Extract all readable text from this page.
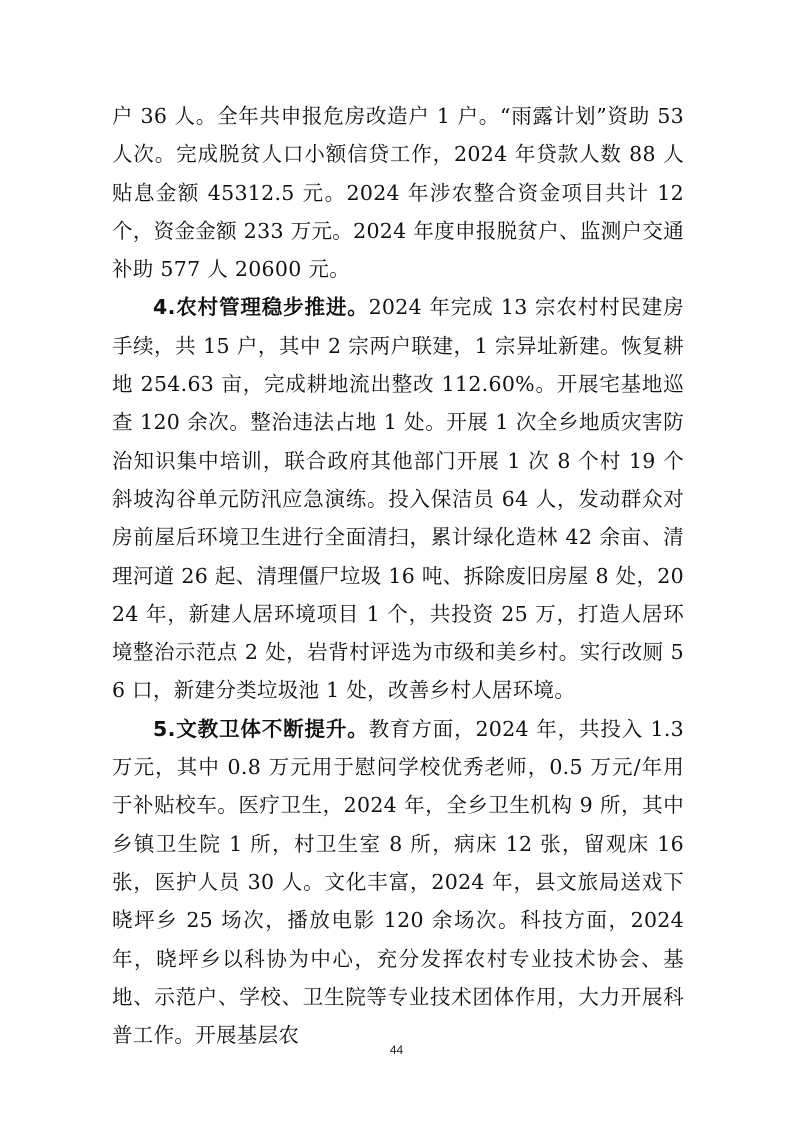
户 36 人。全年共申报危房改造户 1 户。“雨露计划”资助 53 人次。完成脱贫人口小额信贷工作，2024 年贷款人数 88 人贴息金额 45312.5 元。2024 年涉农整合资金项目共计 12 个，资金金额 233 万元。2024 年度申报脱贫户、监测户交通补助 577 人 20600 元。

4.农村管理稳步推进。2024 年完成 13 宗农村村民建房手续，共 15 户，其中 2 宗两户联建，1 宗异址新建。恢复耕地 254.63 亩，完成耕地流出整改 112.60%。开展宅基地巡查 120 余次。整治违法占地 1 处。开展 1 次全乡地质灾害防治知识集中培训，联合政府其他部门开展 1 次 8 个村 19 个斜坡沟谷单元防汛应急演练。投入保洁员 64 人，发动群众对房前屋后环境卫生进行全面清扫，累计绿化造林 42 余亩、清理河道 26 起、清理僵尸垃圾 16 吨、拆除废旧房屋 8 处，2024 年，新建人居环境项目 1 个，共投资 25 万，打造人居环境整治示范点 2 处，岩背村评选为市级和美乡村。实行改厕 56 口，新建分类垃圾池 1 处，改善乡村人居环境。

5.文教卫体不断提升。教育方面，2024 年，共投入 1.3 万元，其中 0.8 万元用于慰问学校优秀老师，0.5 万元/年用于补贴校车。医疗卫生，2024 年，全乡卫生机构 9 所，其中乡镇卫生院 1 所，村卫生室 8 所，病床 12 张，留观床 16 张，医护人员 30 人。文化丰富，2024 年，县文旅局送戏下晓坪乡 25 场次，播放电影 120 余场次。科技方面，2024 年，晓坪乡以科协为中心，充分发挥农村专业技术协会、基地、示范户、学校、卫生院等专业技术团体作用，大力开展科普工作。开展基层农

44
